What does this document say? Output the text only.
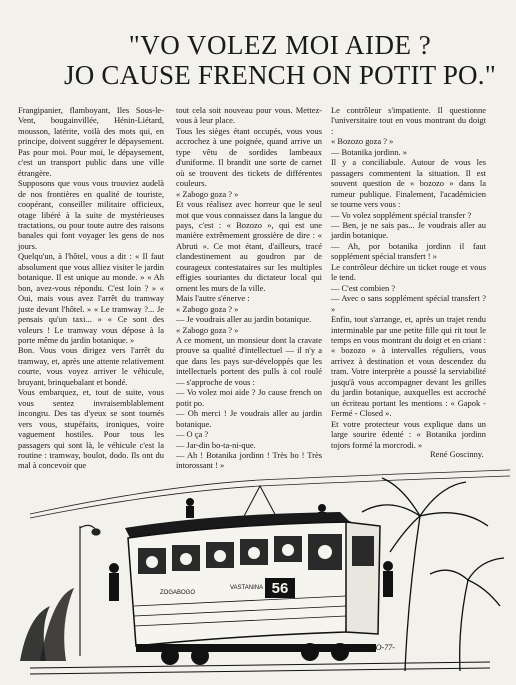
"VO VOLEZ MOI AIDE ?
JO CAUSE FRENCH ON POTIT PO."

Frangipanier, flamboyant, Iles Sous-le-Vent, bougainvillée, Hénin-Liétard, mousson, latérite, voilà des mots qui, en principe, doivent suggérer le dépaysement. Pas pour moi. Pour moi, le dépaysement, c'est un transport public dans une ville étrangère.

Supposons que vous vous trouviez audelà de nos frontières en qualité de touriste, coopérant, conseiller militaire officieux, otage libéré à la suite de mystérieuses tractations, ou pour toute autre des raisons banales qui font voyager les gens de nos jours.

Quelqu'un, à l'hôtel, vous a dit : « Il faut absolument que vous alliez visiter le jardin botanique. Il est unique au monde. » « Ah bon, avez-vous répondu. C'est loin ? » « Oui, mais vous avez l'arrêt du tramway juste devant l'hôtel. » « Le tramway ?... Je pensais qu'un taxi... » « Ce sont des voleurs ! Le tramway vous dépose à la porte même du jardin botanique. »

Bon. Vous vous dirigez vers l'arrêt du tramway, et, après une attente relativement courte, vous voyez arriver le véhicule, bruyant, brinquebalant et bondé.

Vous embarquez, et, tout de suite, vous vous sentez invraisemblablement incongru. Des tas d'yeux se sont tournés vers vous, stupéfaits, ironiques, voire vaguement hostiles. Pour tous les passagers qui sont là, le véhicule c'est la routine : tramway, boulot, dodo. Ils ont du mal à concevoir que

tout cela soit nouveau pour vous. Mettez-vous à leur place.

Tous les sièges étant occupés, vous vous accrochez à une poignée, quand arrive un type vêtu de sordides lambeaux d'uniforme. Il brandit une sorte de carnet où se trouvent des tickets de différentes couleurs.

« Zabogo goza ? »

Et vous réalisez avec horreur que le seul mot que vous connaissez dans la langue du pays, c'est : « Bozozo », qui est une manière extrêmement grossière de dire : « Abruti ». Ce mot étant, d'ailleurs, tracé clandestinement au goudron par de courageux contestataires sur les multiples effigies souriantes du dictateur local qui ornent les murs de la ville.

Mais l'autre s'énerve :

« Zabogo goza ? »

— Je voudrais aller au jardin botanique.

« Zabogo goza ? »

A ce moment, un monsieur dont la cravate prouve sa qualité d'intellectuel — il n'y a que dans les pays sur-développés que les intellectuels portent des pulls à col roulé — s'approche de vous :

— Vo volez moi aide ? Jo cause french on potit po.

— Oh merci ! Je voudrais aller au jardin botanique.

— O ça ?

— Jar-din bo-ta-ni-que.

— Ah ! Botanika jordinn ! Très bo ! Très intorossant ! »

Le contrôleur s'impatiente. Il questionne l'universitaire tout en vous montrant du doigt :

« Bozozo goza ? »

— Botanika jordinn. »

Il y a conciliabule. Autour de vous les passagers commentent la situation. Il est souvent question de « bozozo » dans la rumeur publique. Finalement, l'académicien se tourne vers vous :

— Vo volez sopplément spécial transfer ?

— Ben, je ne sais pas... Je voudrais aller au jardin botanique.

— Ah, por botanika jordinn il faut sopplément spécial transfert ! »

Le contrôleur déchire un ticket rouge et vous le tend.

— C'est combien ?

— Avec o sans sopplément spécial transfert ? »

Enfin, tout s'arrange, et, après un trajet rendu interminable par une petite fille qui rit tout le temps en vous montrant du doigt et en criant : « bozozo » à intervalles réguliers, vous arrivez à destination et vous descendez du tram. Votre interprète a poussé la serviabilité jusqu'à vous accompagner devant les grilles du jardin botanique, auxquelles est accroché un écriteau portant les mentions : « Gapok - Fermé - Closed ».

Et votre protecteur vous explique dans un large sourire édenté : « Botanika jordinn tojors formé la morcrodi. »

René Goscinny.
56
ZOGABOGO
VASTANINA
UDERZO-77-
